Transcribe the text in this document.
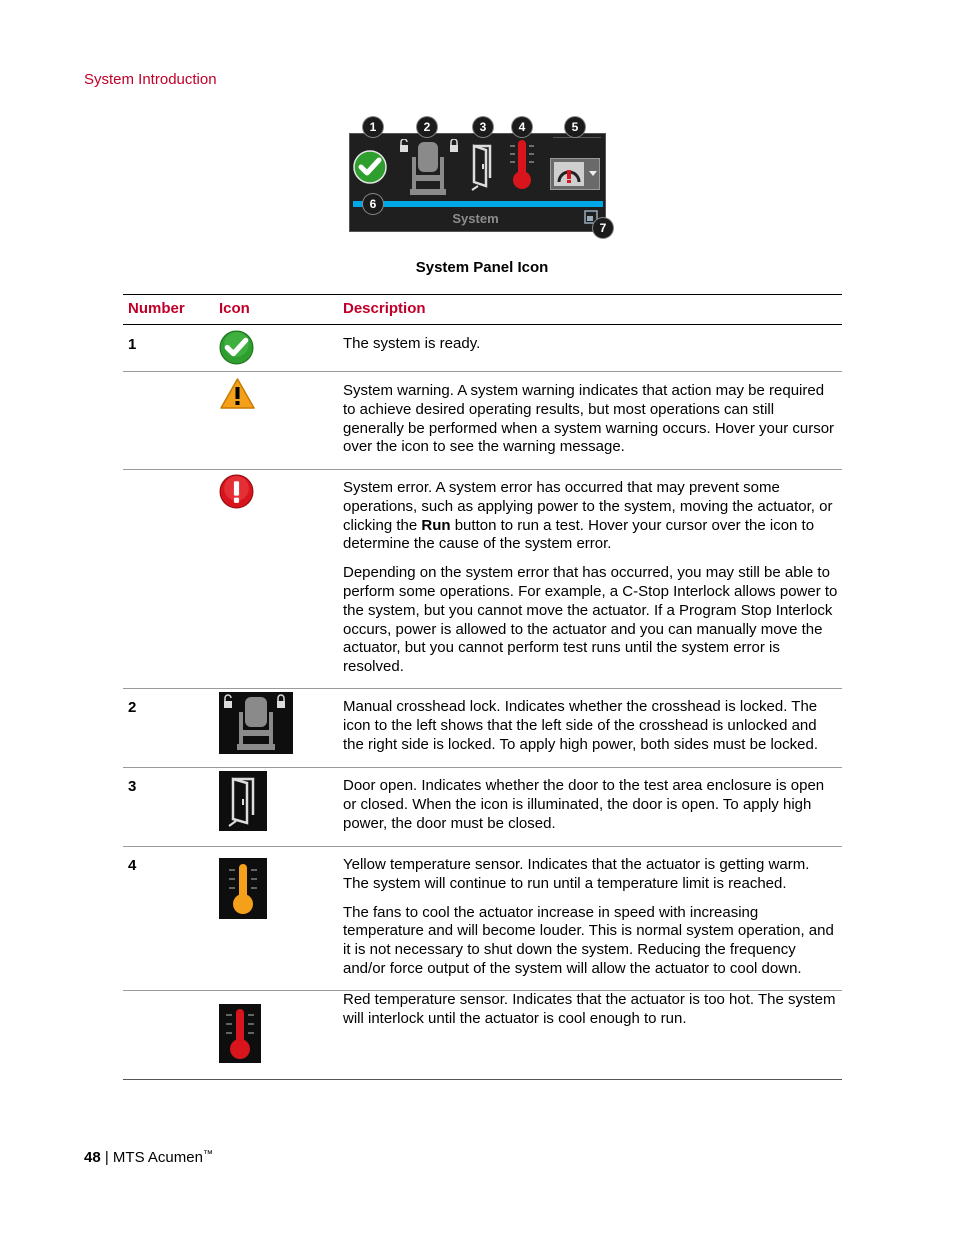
System Introduction
System
1	2	3	4	5
6
7
System Panel Icon
Number Icon	Description
1	The system is ready.

System warning. A system warning indicates that action may be required to achieve desired operating results, but most operations can still generally be performed when a system warning occurs. Hover your cursor over the icon to see the warning message.

System error. A system error has occurred that may prevent some operations, such as applying power to the system, moving the actuator, or clicking the Run button to run a test. Hover your cursor over the icon to determine the cause of the system error.

Depending on the system error that has occurred, you may still be able to perform some operations. For example, a C-Stop Interlock allows power to the system, but you cannot move the actuator. If a Program Stop Interlock occurs, power is allowed to the actuator and you can manually move the actuator, but you cannot perform test runs until the system error is resolved.

2	Manual crosshead lock. Indicates whether the crosshead is locked. The icon to the left shows that the left side of the crosshead is unlocked and the right side is locked. To apply high power, both sides must be locked.

3	Door open. Indicates whether the door to the test area enclosure is open or closed. When the icon is illuminated, the door is open. To apply high power, the door must be closed.

4	Yellow temperature sensor. Indicates that the actuator is getting warm. The system will continue to run until a temperature limit is reached.

The fans to cool the actuator increase in speed with increasing temperature and will become louder. This is normal system operation, and it is not necessary to shut down the system. Reducing the frequency and/or force output of the system will allow the actuator to cool down.

Red temperature sensor. Indicates that the actuator is too hot. The system will interlock until the actuator is cool enough to run.

48 | MTS Acumen™
